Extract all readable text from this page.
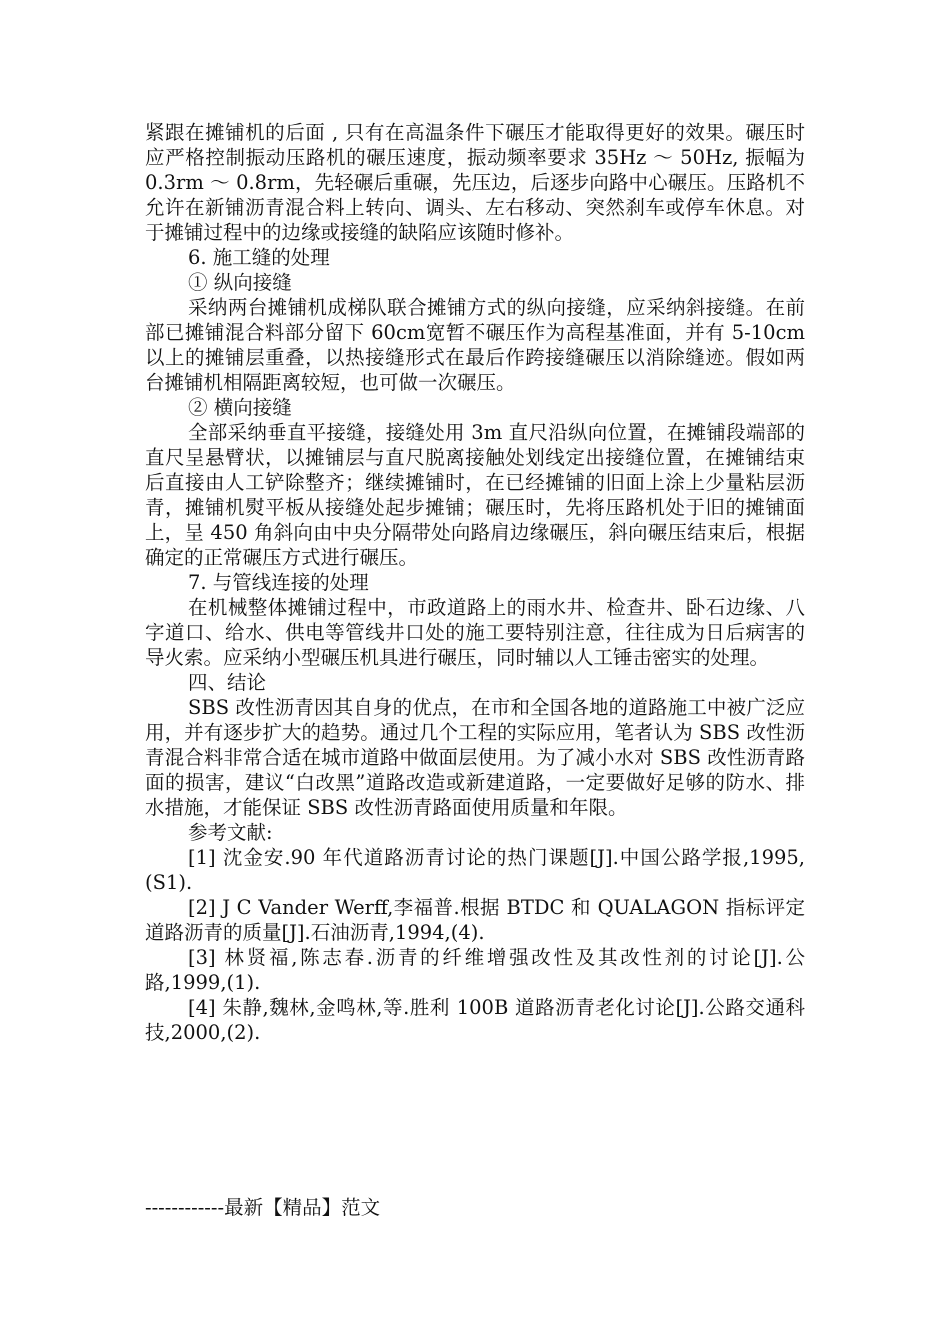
紧跟在摊铺机的后面 , 只有在高温条件下碾压才能取得更好的效果。碾压时应严格控制振动压路机的碾压速度，振动频率要求 35Hz ～ 50Hz, 振幅为 0.3rm ～ 0.8rm，先轻碾后重碾，先压边，后逐步向路中心碾压。压路机不允许在新铺沥青混合料上转向、调头、左右移动、突然刹车或停车休息。对于摊铺过程中的边缘或接缝的缺陷应该随时修补。

6. 施工缝的处理

① 纵向接缝

采纳两台摊铺机成梯队联合摊铺方式的纵向接缝，应采纳斜接缝。在前部已摊铺混合料部分留下 60cm宽暂不碾压作为高程基准面，并有 5-10cm以上的摊铺层重叠，以热接缝形式在最后作跨接缝碾压以消除缝迹。假如两台摊铺机相隔距离较短，也可做一次碾压。

② 横向接缝

全部采纳垂直平接缝，接缝处用 3m 直尺沿纵向位置，在摊铺段端部的直尺呈悬臂状，以摊铺层与直尺脱离接触处划线定出接缝位置，在摊铺结束后直接由人工铲除整齐；继续摊铺时，在已经摊铺的旧面上涂上少量粘层沥青，摊铺机熨平板从接缝处起步摊铺；碾压时，先将压路机处于旧的摊铺面上，呈 450 角斜向由中央分隔带处向路肩边缘碾压，斜向碾压结束后，根据确定的正常碾压方式进行碾压。

7. 与管线连接的处理

在机械整体摊铺过程中，市政道路上的雨水井、检查井、卧石边缘、八字道口、给水、供电等管线井口处的施工要特别注意，往往成为日后病害的导火索。应采纳小型碾压机具进行碾压，同时辅以人工锤击密实的处理。

四、结论

SBS 改性沥青因其自身的优点，在市和全国各地的道路施工中被广泛应用，并有逐步扩大的趋势。通过几个工程的实际应用，笔者认为 SBS 改性沥青混合料非常合适在城市道路中做面层使用。为了减小水对 SBS 改性沥青路面的损害，建议“白改黑”道路改造或新建道路，一定要做好足够的防水、排水措施，才能保证 SBS 改性沥青路面使用质量和年限。

参考文献:

[1] 沈金安.90 年代道路沥青讨论的热门课题[J].中国公路学报,1995,(S1).

[2] J C Vander Werff,李福普.根据 BTDC 和 QUALAGON 指标评定道路沥青的质量[J].石油沥青,1994,(4).

[3] 林贤福,陈志春.沥青的纤维增强改性及其改性剂的讨论[J].公路,1999,(1).

[4] 朱静,魏林,金鸣林,等.胜利 100B 道路沥青老化讨论[J].公路交通科技,2000,(2).

------------最新【精品】范文
